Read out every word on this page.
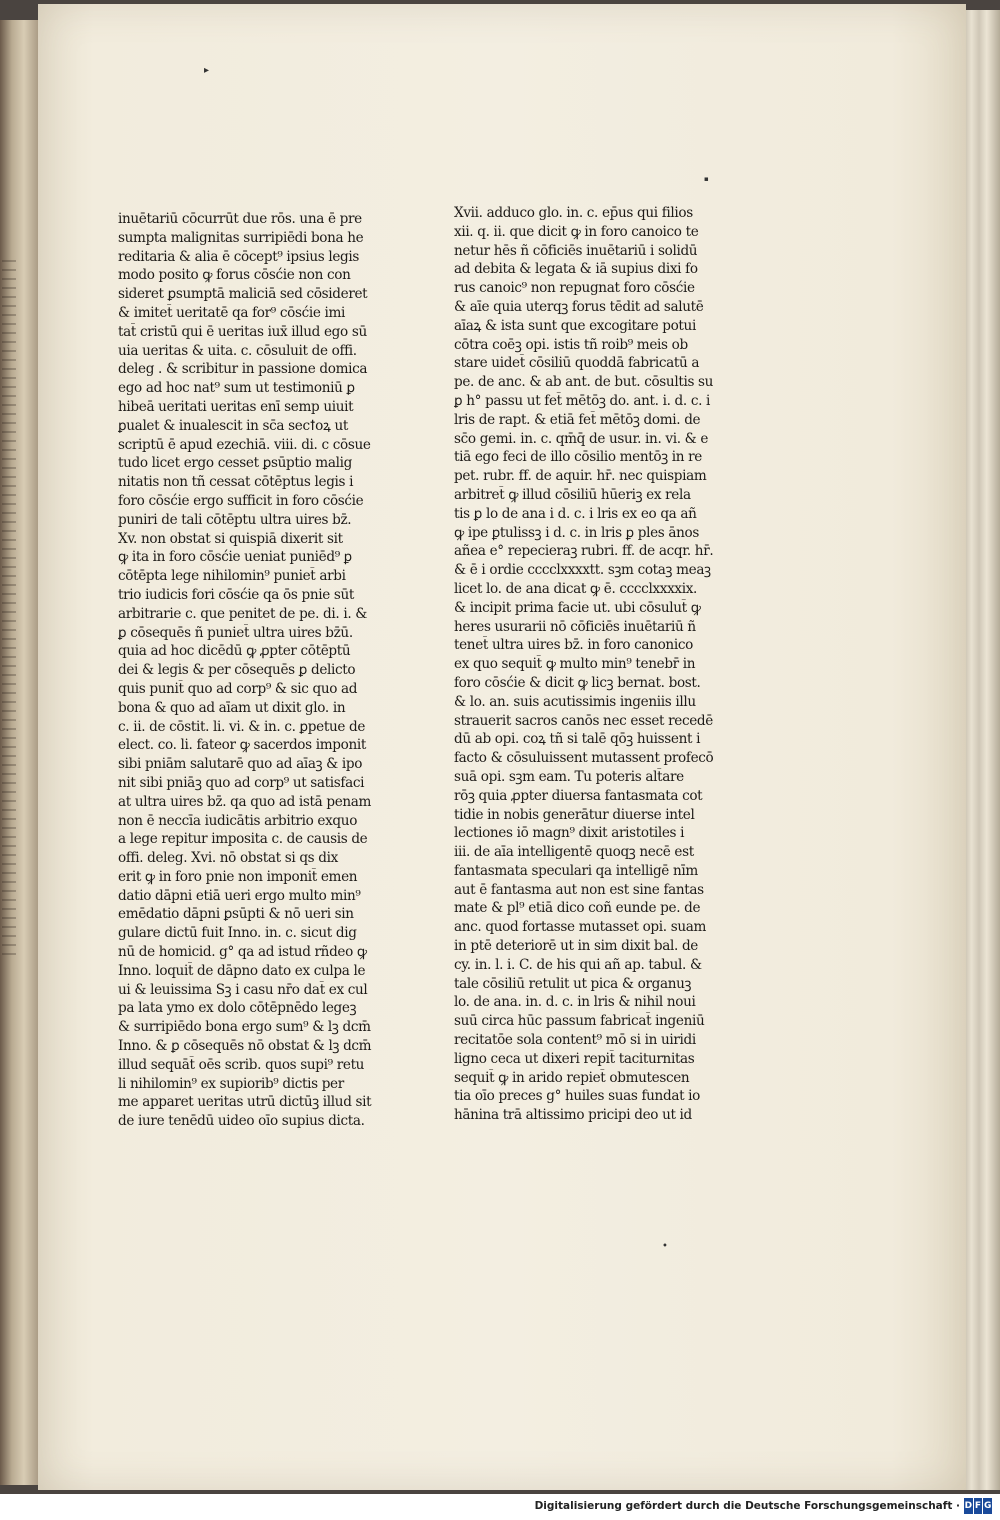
▸
▪
•
inuētariū cōcurrūt due rōs. una ē pre
sumpta malignitas surripiēdi bona he
reditaria & alia ē cōcept⁹ ipsius legis
modo posito ꝙ forus cōsćie non con
sideret ꝑsumptā maliciā sed cōsideret
& imitet̄ ueritatē qa for⁹ cōsćie imi
tat̄ cristū qui ē ueritas iux̄ illud ego sū
uia ueritas & uita. c. cōsuluit de offi.
deleg . & scribitur in passione domica
ego ad hoc nat⁹ sum ut testimoniū ꝑ
hibeā ueritati ueritas enī semp uiuit
ꝑualet & inualescit in sc̄a secꝉoꝝ ut
scriptū ē apud ezechiā. viii. di. c cōsue
tudo licet ergo cesset ꝑsūptio malig
nitatis non tñ cessat cōtēptus legis i
foro cōsćie ergo sufficit in foro cōsćie
puniri de tali cōtēptu ultra uires bz̄.
Xv. non obstat si quispiā dixerit sit
ꝙ ita in foro cōsćie ueniat puniēd⁹ ꝑ
cōtēpta lege nihilomin⁹ puniet̄ arbi
trio iudicis fori cōsćie qa ōs pnie sūt
arbitrarie c. que penitet de pe. di. i. &
ꝑ cōsequēs ñ puniet̄ ultra uires bz̄ū.
quia ad hoc dicēdū ꝙ ꝓpter cōtēptū
dei & legis & per cōsequēs ꝑ delicto
quis punit̄ quo ad corp⁹ & sic quo ad
bona & quo ad aīam ut dixit glo. in
c. ii. de cōstit. li. vi. & in. c. ꝑpetue de
elect. co. li. fateor ꝙ sacerdos imponit
sibi pniām salutarē quo ad aīaꝫ & ipo
nit sibi pniāꝫ quo ad corp⁹ ut satisfaci
at ultra uires bz̄. qa quo ad istā penam
non ē neccīa iudicātis arbitrio exquo
a lege repitur imposita c. de causis de
offi. deleg. Xvi. nō obstat si qs dix
erit ꝙ in foro pnie non imponit̄ emen
datio dāpni etiā ueri ergo multo min⁹
emēdatio dāpni ꝑsūpti & nō ueri sin
gulare dictū fuit Inno. in. c. sicut dig
nū de homicid. g° qa ad istud rñdeo ꝙ
Inno. loquit̄ de dāpno dato ex culpa le
ui & leuissima Sꝫ i casu nr̄o dat̄ ex cul
pa lata ymo ex dolo cōtēpnēdo legeꝫ
& surripiēdo bona ergo sum⁹ & lꝫ dcm̄
Inno. & ꝑ cōsequēs nō obstat & lꝫ dcm̄
illud sequāt̄ oēs scrib. quos supi⁹ retu
li nihilomin⁹ ex supiorib⁹ dictis per
me apparet ueritas utrū dictūꝫ illud sit
de iure tenēdū uideo oīo supius dicta.
Xvii. adduco glo. in. c. ep̄us qui filios
xii. q. ii. que dicit ꝙ in foro canoico te
netur hēs ñ cōficiēs inuētariū i solidū
ad debita & legata & iā supius dixi fo
rus canoic⁹ non repugnat foro cōsćie
& aīe quia uterqꝫ forus tēdit ad salutē
aīaꝝ & ista sunt que excogitare potui
cōtra coēꝫ opi. istis tñ roib⁹ meis ob
stare uidet̄ cōsiliū quoddā fabricatū a
pe. de anc. & ab ant. de but. cōsultis su
ꝑ h° passu ut fet̄ mētōꝫ do. ant. i. d. c. i
lris de rapt. & etiā fet̄ mētōꝫ domi. de
sc̄o gemi. in. c. qm̄q̄ de usur. in. vi. & e
tiā ego feci de illo cōsilio mentōꝫ in re
pet. rubr. ff. de aquir. hr̄. nec quispiam
arbitret̄ ꝙ illud cōsiliū hūeriꝫ ex rela
tis ꝑ lo de ana i d. c. i lris ex eo qa añ
ꝙ ipe ꝑtulissꝫ i d. c. in lris ꝑ ples ānos
añea e° repecieraꝫ rubri. ff. de acqr. hr̄.
& ē i ordie cccclxxxxtt. sꝫm cotaꝫ meaꝫ
licet lo. de ana dicat ꝙ ē. cccclxxxxix.
& incipit prima facie ut. ubi cōsulut̄ ꝙ
heres usurarii nō cōficiēs inuētariū ñ
tenet̄ ultra uires bz̄. in foro canonico
ex quo sequit̄ ꝙ multo min⁹ tenebr̄ in
foro cōsćie & dicit ꝙ licꝫ bernat. bost.
& lo. an. suis acutissimis ingeniis illu
strauerit sacros canōs nec esset recedē
dū ab opi. coꝝ tñ si talē qōꝫ huissent i
facto & cōsuluissent mutassent profecō
suā opi. sꝫm eam. Tu poteris alt̄are
rōꝫ quia ꝓpter diuersa fantasmata cot
tidie in nobis generātur diuerse intel
lectiones iō magn⁹ dixit aristotiles i
iii. de aīa intelligentē quoqꝫ necē est
fantasmata speculari qa intelligē nīm
aut ē fantasma aut non est sine fantas
mate & pl⁹ etiā dico coñ eunde pe. de
anc. quod fortasse mutasset opi. suam
in ptē deteriorē ut in sim dixit bal. de
cy. in. l. i. C. de his qui añ ap. tabul. &
tale cōsiliū retulit ut pica & organuꝫ
lo. de ana. in. d. c. in lris & nihil noui
suū circa hūc passum fabricat̄ ingeniū
recitatōe sola content⁹ mō si in uiridi
ligno ceca ut dixeri repit̄ taciturnitas
sequit̄ ꝙ in arido repiet̄ obmutescen
tia oīo preces g° huiles suas fundat io
hānina trā altissimo pricipi deo ut id
Digitalisierung gefördert durch die Deutsche Forschungsgemeinschaft · D F G
